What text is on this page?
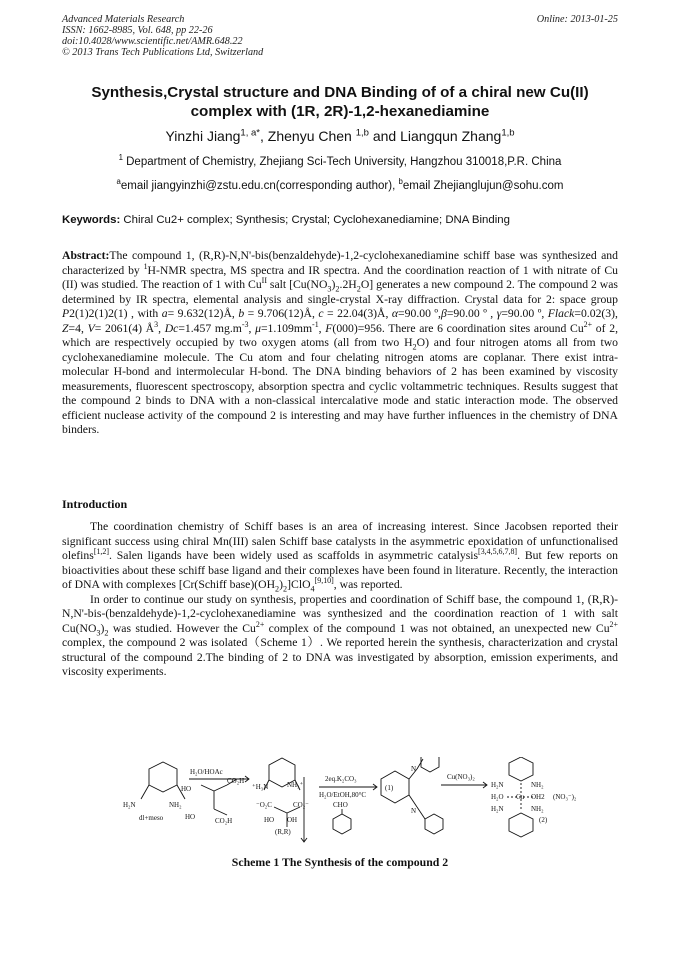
Advanced Materials Research
ISSN: 1662-8985, Vol. 648, pp 22-26
doi:10.4028/www.scientific.net/AMR.648.22
© 2013 Trans Tech Publications Ltd, Switzerland
Online: 2013-01-25
Synthesis,Crystal structure and DNA Binding of of a chiral new Cu(II)
complex with (1R, 2R)-1,2-hexanediamine
Yinzhi Jiang$^{1, a*}$, Zhenyu Chen $^{1,b}$ and Liangqun Zhang$^{1,b}$
$^1$ Department of Chemistry, Zhejiang Sci-Tech University, Hangzhou 310018,P.R. China
$^a$email jiangyinzhi@zstu.edu.cn(corresponding author), $^b$email Zhejianglujun@sohu.com
Keywords: Chiral Cu2+ complex; Synthesis; Crystal; Cyclohexanediamine; DNA Binding

Abstract:The compound 1, (R,R)-N,N'-bis(benzaldehyde)-1,2-cyclohexanediamine schiff base was synthesized and characterized by $^1$H-NMR spectra, MS spectra and IR spectra. And the coordination reaction of 1 with nitrate of Cu (II) was studied. The reaction of 1 with $Cu^{II}$ salt $[Cu(NO_3)_2.2H_2O]$ generates a new compound 2. The compound 2 was determined by IR spectra, elemental analysis and single-crystal X-ray diffraction. Crystal data for 2: space group P2(1)2(1)2(1) , with a= 9.632(12)Å, b = 9.706(12)Å, c = 22.04(3)Å, α=90.00 º,β=90.00 º , γ=90.00 º, Flack=0.02(3), Z=4, V= 2061(4) $Å^3$, Dc=1.457 $mg.m^{-3}$, $\mu=1.109mm^{-1}$, F(000)=956. There are 6 coordination sites around $Cu^{2+}$ of 2, which are respectively occupied by two oxygen atoms (all from two $H_2O$) and four nitrogen atoms all from two cyclohexanediamine molecule. The Cu atom and four chelating nitrogen atoms are coplanar. There exist intra-molecular H-bond and intermolecular H-bond. The DNA binding behaviors of 2 has been examined by viscosity measurements, fluorescent spectroscopy, absorption spectra and cyclic voltammetric techniques. Results suggest that the compound 2 binds to DNA with a non-classical intercalative mode and static interaction mode. The observed efficient nuclease activity of the compound 2 is interesting and may have further influences in the chemistry of DNA binders.

Introduction

The coordination chemistry of Schiff bases is an area of increasing interest. Since Jacobsen reported their significant success using chiral Mn(III) salen Schiff base catalysts in the asymmetric epoxidation of unfunctionalised olefins[1,2]. Salen ligands have been widely used as scaffolds in asymmetric catalysis[3,4,5,6,7,8]. But few reports on bioactivities about these schiff base ligand and their complexes have been found in literature. Recently, the interaction of DNA with complexes [Cr(Schiff $base)(OH_2)_2]ClO_4[9,10]$, was reported.

In order to continue our study on synthesis, properties and coordination of Schiff base, the compound 1, (R,R)-N,N'-bis-(benzaldehyde)-1,2-cyclohexanediamine was synthesized and the coordination reaction of 1 with salt $Cu(NO_3)_2$ was studied. However the $Cu^{2+}$ complex of the compound 1 was not obtained, an unexpected new $Cu^{2+}$ complex, the compound 2 was isolated（Scheme 1）. We reported herein the synthesis, characterization and crystal structural of the compound 2.The binding of 2 to DNA was investigated by absorption, emission experiments, and viscosity experiments.

H₂O/HOAc
HO
CO₂H
HO	CO₂H
H₂N	NH₂
dl+meso
⁺H₃N	NH₃⁺
⁻O₂C	CO₂⁻
HO OH
(R,R)
2eq.K₂CO₃
H₂O/EtOH,80°C
CHO
N
N
(1)
Cu(NO₃)₂
H₂N	NH₂
H₂O Cu OH2
H₂N	NH₂
(NO₃⁻)₂
(2)
Scheme 1 The Synthesis of the compound 2
